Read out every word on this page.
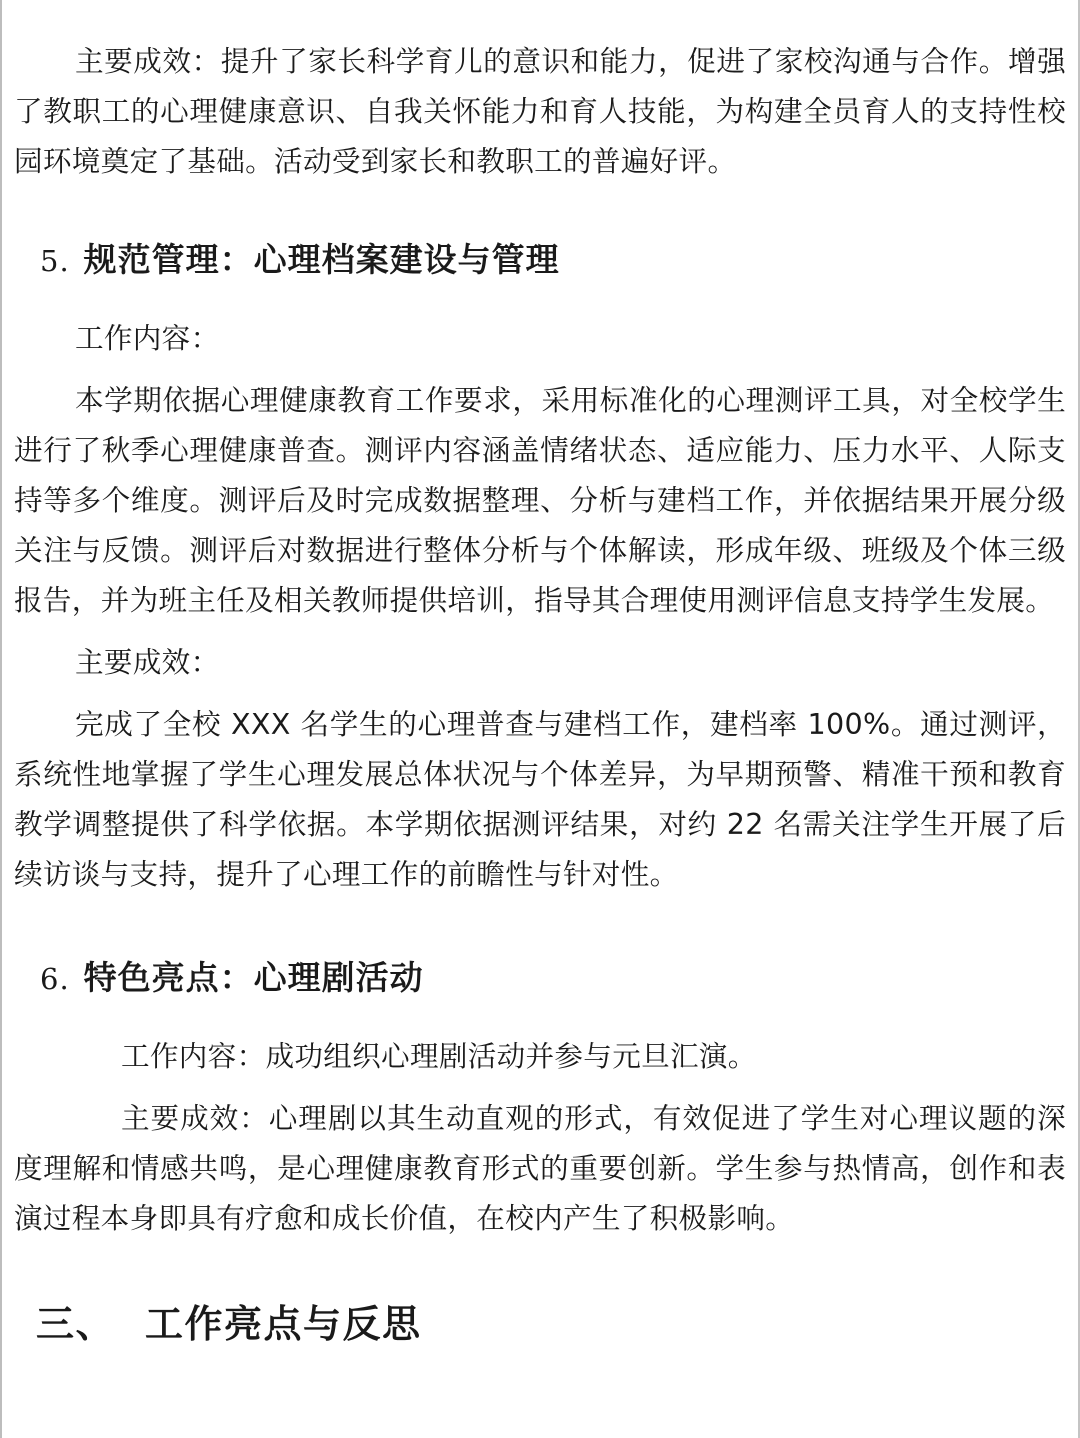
主要成效：提升了家长科学育儿的意识和能力，促进了家校沟通与合作。增强了教职工的心理健康意识、自我关怀能力和育人技能，为构建全员育人的支持性校园环境奠定了基础。活动受到家长和教职工的普遍好评。

5. 规范管理：心理档案建设与管理

工作内容：

本学期依据心理健康教育工作要求，采用标准化的心理测评工具，对全校学生进行了秋季心理健康普查。测评内容涵盖情绪状态、适应能力、压力水平、人际支持等多个维度。测评后及时完成数据整理、分析与建档工作，并依据结果开展分级关注与反馈。测评后对数据进行整体分析与个体解读，形成年级、班级及个体三级报告，并为班主任及相关教师提供培训，指导其合理使用测评信息支持学生发展。

主要成效：

完成了全校 XXX 名学生的心理普查与建档工作，建档率 100%。通过测评，系统性地掌握了学生心理发展总体状况与个体差异，为早期预警、精准干预和教育教学调整提供了科学依据。本学期依据测评结果，对约 22 名需关注学生开展了后续访谈与支持，提升了心理工作的前瞻性与针对性。

6. 特色亮点：心理剧活动

工作内容：成功组织心理剧活动并参与元旦汇演。

主要成效：心理剧以其生动直观的形式，有效促进了学生对心理议题的深度理解和情感共鸣，是心理健康教育形式的重要创新。学生参与热情高，创作和表演过程本身即具有疗愈和成长价值，在校内产生了积极影响。

三、 工作亮点与反思
